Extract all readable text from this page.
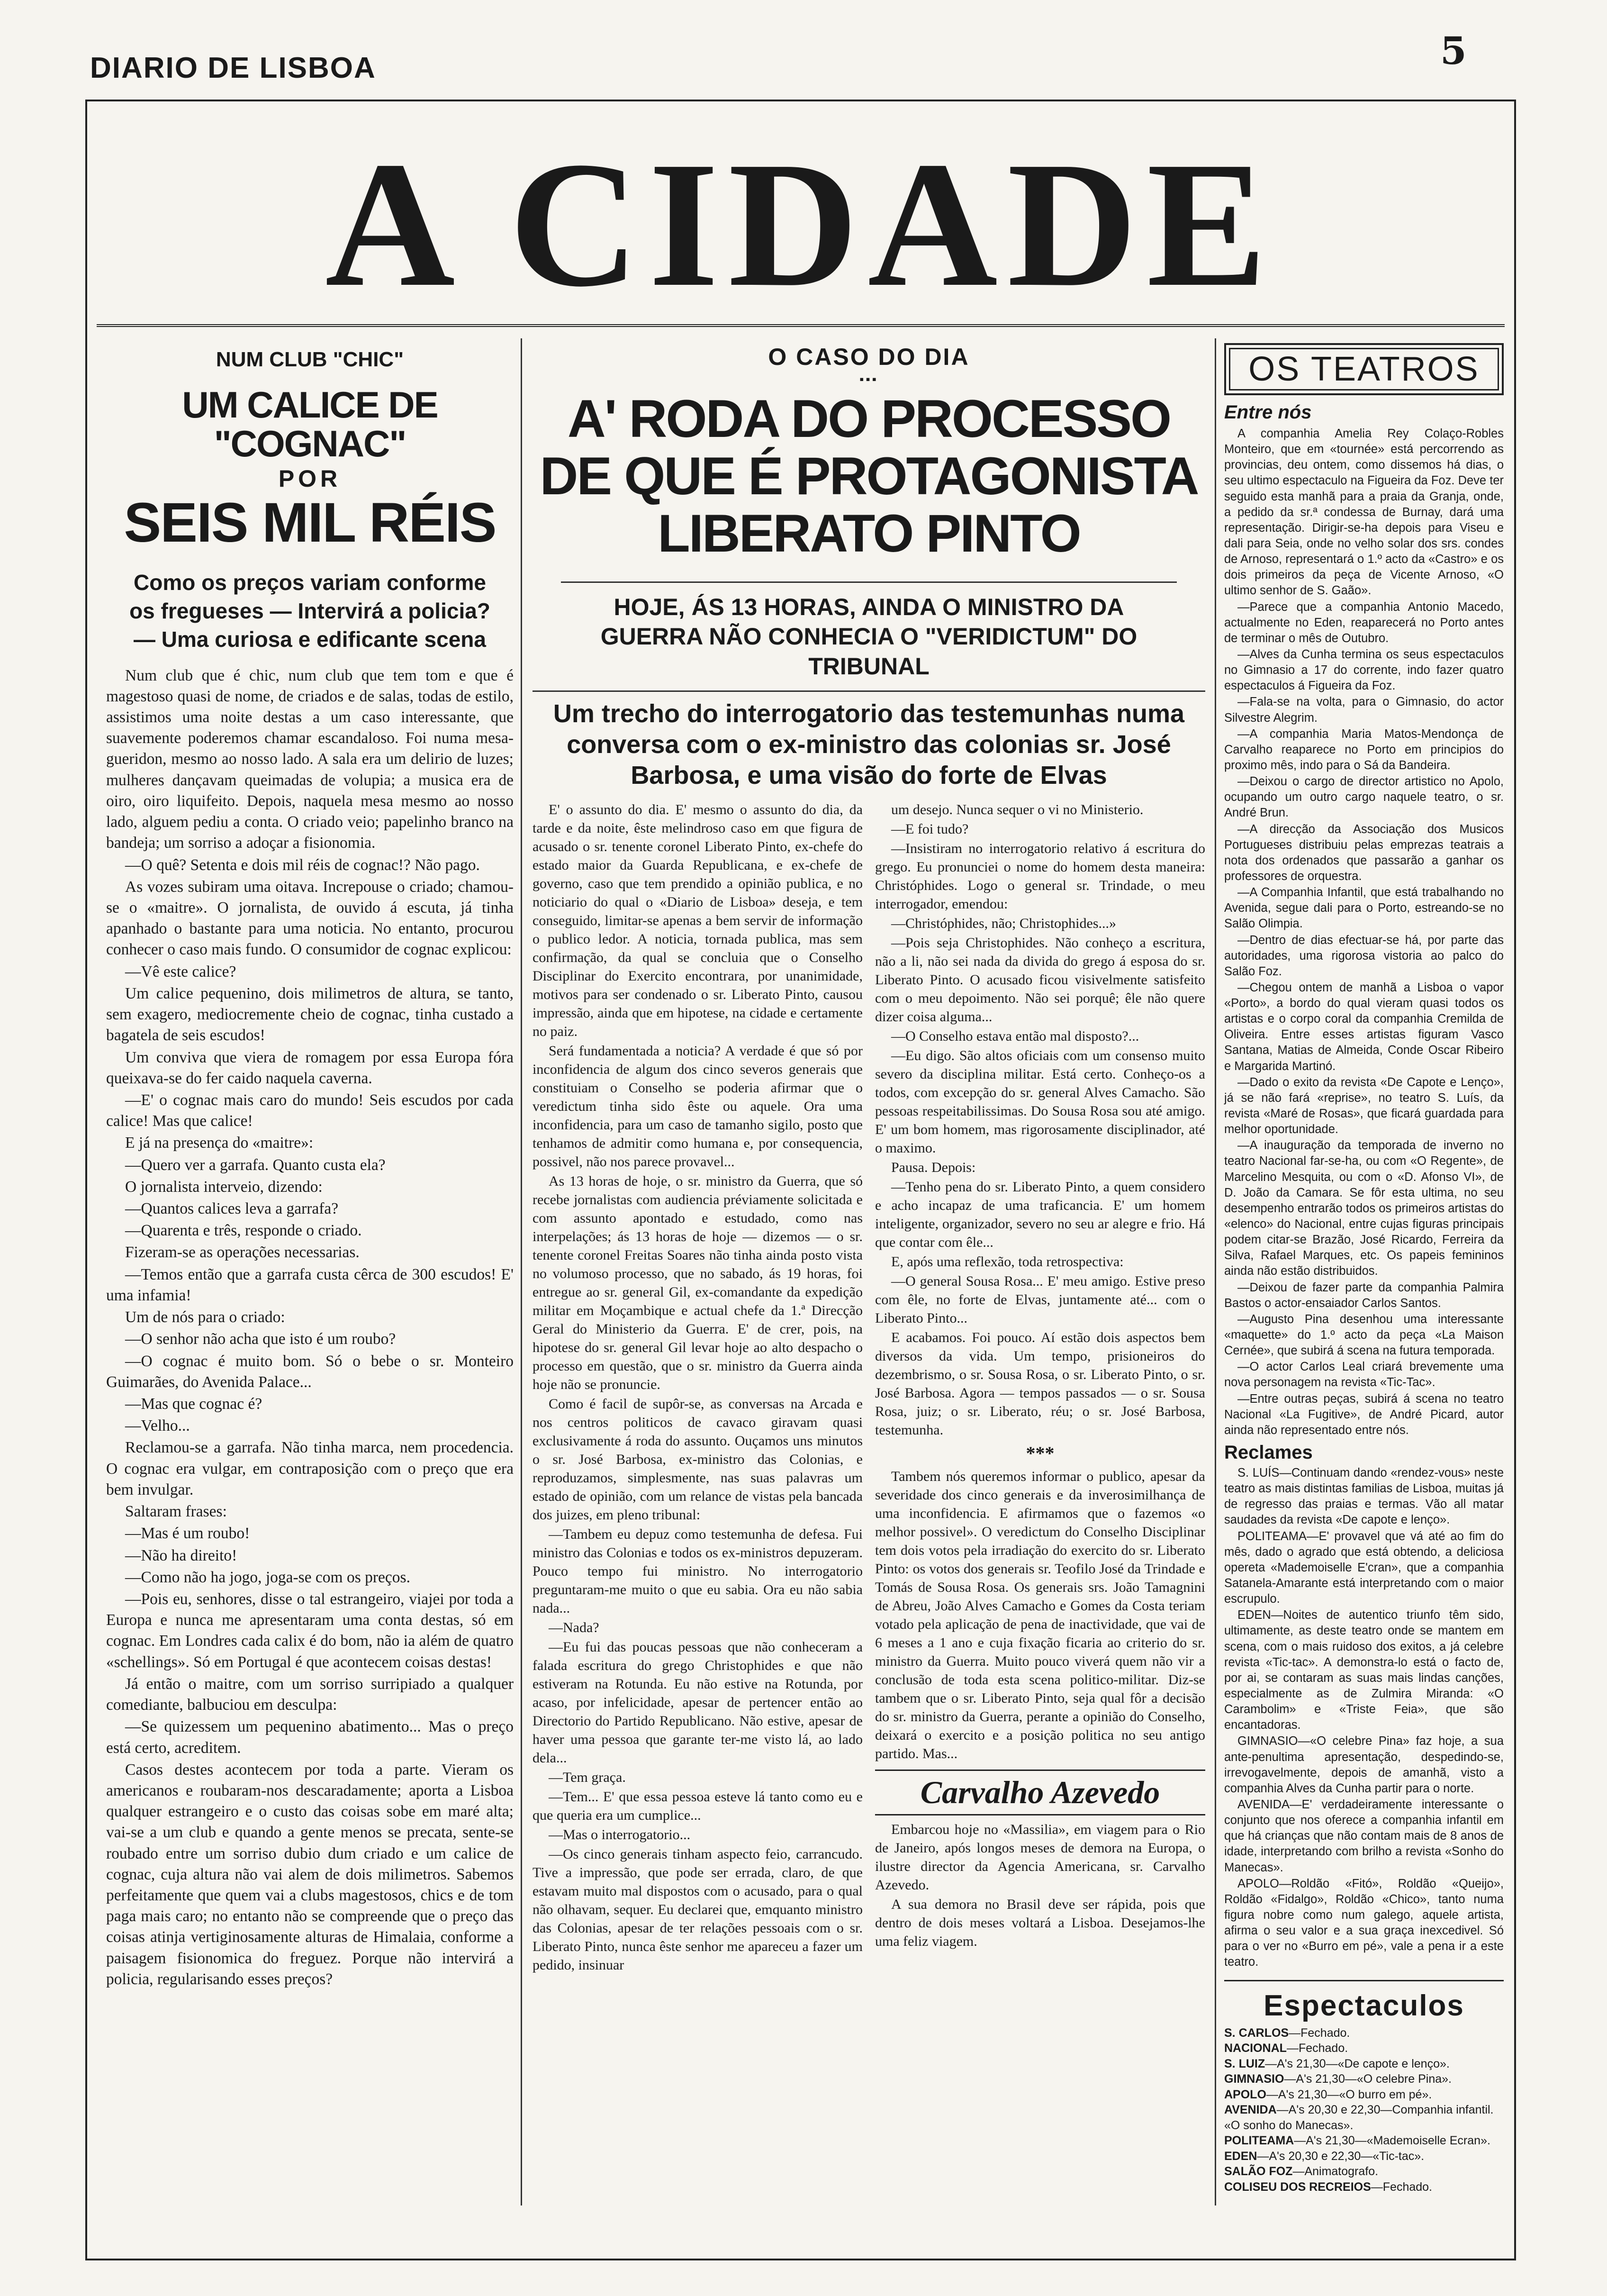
DIARIO DE LISBOA	5
A CIDADE
NUM CLUB "CHIC"
UM CALICE DE "COGNAC"
POR
SEIS MIL RÉIS
Como os preços variam conforme os fregueses — Intervirá a policia? — Uma curiosa e edificante scena

Num club que é chic, num club que tem tom e que é magestoso quasi de nome, de criados e de salas, todas de estilo, assistimos uma noite destas a um caso interessante, que suavemente poderemos chamar escandaloso. Foi numa mesa-gueridon, mesmo ao nosso lado. A sala era um delirio de luzes; mulheres dançavam queimadas de volupia; a musica era de oiro, oiro liquifeito. Depois, naquela mesa mesmo ao nosso lado, alguem pediu a conta. O criado veio; papelinho branco na bandeja; um sorriso a adoçar a fisionomia.

—O quê? Setenta e dois mil réis de cognac!? Não pago.

As vozes subiram uma oitava. Increpouse o criado; chamou-se o «maitre». O jornalista, de ouvido á escuta, já tinha apanhado o bastante para uma noticia. No entanto, procurou conhecer o caso mais fundo. O consumidor de cognac explicou:

—Vê este calice?

Um calice pequenino, dois milimetros de altura, se tanto, sem exagero, mediocremente cheio de cognac, tinha custado a bagatela de seis escudos!

Um conviva que viera de romagem por essa Europa fóra queixava-se do fer caido naquela caverna.

—E' o cognac mais caro do mundo! Seis escudos por cada calice! Mas que calice!

E já na presença do «maitre»:

—Quero ver a garrafa. Quanto custa ela?

O jornalista interveio, dizendo:

—Quantos calices leva a garrafa?

—Quarenta e três, responde o criado.

Fizeram-se as operações necessarias.

—Temos então que a garrafa custa cêrca de 300 escudos! E' uma infamia!

Um de nós para o criado:

—O senhor não acha que isto é um roubo?

—O cognac é muito bom. Só o bebe o sr. Monteiro Guimarães, do Avenida Palace...

—Mas que cognac é?

—Velho...

Reclamou-se a garrafa. Não tinha marca, nem procedencia. O cognac era vulgar, em contraposição com o preço que era bem invulgar.

Saltaram frases:

—Mas é um roubo!

—Não ha direito!

—Como não ha jogo, joga-se com os preços.

—Pois eu, senhores, disse o tal estrangeiro, viajei por toda a Europa e nunca me apresentaram uma conta destas, só em cognac. Em Londres cada calix é do bom, não ia além de quatro «schellings». Só em Portugal é que acontecem coisas destas!

Já então o maitre, com um sorriso surripiado a qualquer comediante, balbuciou em desculpa:

—Se quizessem um pequenino abatimento... Mas o preço está certo, acreditem.

Casos destes acontecem por toda a parte. Vieram os americanos e roubaram-nos descaradamente; aporta a Lisboa qualquer estrangeiro e o custo das coisas sobe em maré alta; vai-se a um club e quando a gente menos se precata, sente-se roubado entre um sorriso dubio dum criado e um calice de cognac, cuja altura não vai alem de dois milimetros. Sabemos perfeitamente que quem vai a clubs magestosos, chics e de tom paga mais caro; no entanto não se compreende que o preço das coisas atinja vertiginosamente alturas de Himalaia, conforme a paisagem fisionomica do freguez. Porque não intervirá a policia, regularisando esses preços?

O CASO DO DIA
▪▪▪
A' RODA DO PROCESSO DE QUE É PROTAGONISTA LIBERATO PINTO
HOJE, ÁS 13 HORAS, AINDA O MINISTRO DA GUERRA NÃO CONHECIA O "VERIDICTUM" DO TRIBUNAL
Um trecho do interrogatorio das testemunhas numa conversa com o ex-ministro das colonias sr. José Barbosa, e uma visão do forte de Elvas

E' o assunto do dia. E' mesmo o assunto do dia, da tarde e da noite, êste melindroso caso em que figura de acusado o sr. tenente coronel Liberato Pinto, ex-chefe do estado maior da Guarda Republicana, e ex-chefe de governo, caso que tem prendido a opinião publica, e no noticiario do qual o «Diario de Lisboa» deseja, e tem conseguido, limitar-se apenas a bem servir de informação o publico ledor. A noticia, tornada publica, mas sem confirmação, da qual se concluia que o Conselho Disciplinar do Exercito encontrara, por unanimidade, motivos para ser condenado o sr. Liberato Pinto, causou impressão, ainda que em hipotese, na cidade e certamente no paiz.

Será fundamentada a noticia? A verdade é que só por inconfidencia de algum dos cinco severos generais que constituiam o Conselho se poderia afirmar que o veredictum tinha sido êste ou aquele. Ora uma inconfidencia, para um caso de tamanho sigilo, posto que tenhamos de admitir como humana e, por consequencia, possivel, não nos parece provavel...

As 13 horas de hoje, o sr. ministro da Guerra, que só recebe jornalistas com audiencia préviamente solicitada e com assunto apontado e estudado, como nas interpelações; ás 13 horas de hoje — dizemos — o sr. tenente coronel Freitas Soares não tinha ainda posto vista no volumoso processo, que no sabado, ás 19 horas, foi entregue ao sr. general Gil, ex-comandante da expedição militar em Moçambique e actual chefe da 1.ª Direcção Geral do Ministerio da Guerra. E' de crer, pois, na hipotese do sr. general Gil levar hoje ao alto despacho o processo em questão, que o sr. ministro da Guerra ainda hoje não se pronuncie.

Como é facil de supôr-se, as conversas na Arcada e nos centros politicos de cavaco giravam quasi exclusivamente á roda do assunto. Ouçamos uns minutos o sr. José Barbosa, ex-ministro das Colonias, e reproduzamos, simplesmente, nas suas palavras um estado de opinião, com um relance de vistas pela bancada dos juizes, em pleno tribunal:

—Tambem eu depuz como testemunha de defesa. Fui ministro das Colonias e todos os ex-ministros depuzeram. Pouco tempo fui ministro. No interrogatorio preguntaram-me muito o que eu sabia. Ora eu não sabia nada...

—Nada?

—Eu fui das poucas pessoas que não conheceram a falada escritura do grego Christophides e que não estiveram na Rotunda. Eu não estive na Rotunda, por acaso, por infelicidade, apesar de pertencer então ao Directorio do Partido Republicano. Não estive, apesar de haver uma pessoa que garante ter-me visto lá, ao lado dela...

—Tem graça.

—Tem... E' que essa pessoa esteve lá tanto como eu e que queria era um cumplice...

—Mas o interrogatorio...

—Os cinco generais tinham aspecto feio, carrancudo. Tive a impressão, que pode ser errada, claro, de que estavam muito mal dispostos com o acusado, para o qual não olhavam, sequer. Eu declarei que, emquanto ministro das Colonias, apesar de ter relações pessoais com o sr. Liberato Pinto, nunca êste senhor me apareceu a fazer um pedido, insinuar

um desejo. Nunca sequer o vi no Ministerio.

—E foi tudo?

—Insistiram no interrogatorio relativo á escritura do grego. Eu pronunciei o nome do homem desta maneira: Christóphides. Logo o general sr. Trindade, o meu interrogador, emendou:

—Christóphides, não; Christophides...»

—Pois seja Christophides. Não conheço a escritura, não a li, não sei nada da divida do grego á esposa do sr. Liberato Pinto. O acusado ficou visivelmente satisfeito com o meu depoimento. Não sei porquê; êle não quere dizer coisa alguma...

—O Conselho estava então mal disposto?...

—Eu digo. São altos oficiais com um consenso muito severo da disciplina militar. Está certo. Conheço-os a todos, com excepção do sr. general Alves Camacho. São pessoas respeitabilissimas. Do Sousa Rosa sou até amigo. E' um bom homem, mas rigorosamente disciplinador, até o maximo.

Pausa. Depois:

—Tenho pena do sr. Liberato Pinto, a quem considero e acho incapaz de uma traficancia. E' um homem inteligente, organizador, severo no seu ar alegre e frio. Há que contar com êle...

E, após uma reflexão, toda retrospectiva:

—O general Sousa Rosa... E' meu amigo. Estive preso com êle, no forte de Elvas, juntamente até... com o Liberato Pinto...

E acabamos. Foi pouco. Aí estão dois aspectos bem diversos da vida. Um tempo, prisioneiros do dezembrismo, o sr. Sousa Rosa, o sr. Liberato Pinto, o sr. José Barbosa. Agora — tempos passados — o sr. Sousa Rosa, juiz; o sr. Liberato, réu; o sr. José Barbosa, testemunha.

***

Tambem nós queremos informar o publico, apesar da severidade dos cinco generais e da inverosimilhança de uma inconfidencia. E afirmamos que o fazemos «o melhor possivel». O veredictum do Conselho Disciplinar tem dois votos pela irradiação do exercito do sr. Liberato Pinto: os votos dos generais sr. Teofilo José da Trindade e Tomás de Sousa Rosa. Os generais srs. João Tamagnini de Abreu, João Alves Camacho e Gomes da Costa teriam votado pela aplicação de pena de inactividade, que vai de 6 meses a 1 ano e cuja fixação ficaria ao criterio do sr. ministro da Guerra. Muito pouco viverá quem não vir a conclusão de toda esta scena politico-militar. Diz-se tambem que o sr. Liberato Pinto, seja qual fôr a decisão do sr. ministro da Guerra, perante a opinião do Conselho, deixará o exercito e a posição politica no seu antigo partido. Mas...

Carvalho Azevedo

Embarcou hoje no «Massilia», em viagem para o Rio de Janeiro, após longos meses de demora na Europa, o ilustre director da Agencia Americana, sr. Carvalho Azevedo.

A sua demora no Brasil deve ser rápida, pois que dentro de dois meses voltará a Lisboa. Desejamos-lhe uma feliz viagem.

OS TEATROS
Entre nós

A companhia Amelia Rey Colaço-Robles Monteiro, que em «tournée» está percorrendo as provincias, deu ontem, como dissemos há dias, o seu ultimo espectaculo na Figueira da Foz. Deve ter seguido esta manhã para a praia da Granja, onde, a pedido da sr.ª condessa de Burnay, dará uma representação. Dirigir-se-ha depois para Viseu e dali para Seia, onde no velho solar dos srs. condes de Arnoso, representará o 1.º acto da «Castro» e os dois primeiros da peça de Vicente Arnoso, «O ultimo senhor de S. Gaão».

—Parece que a companhia Antonio Macedo, actualmente no Eden, reaparecerá no Porto antes de terminar o mês de Outubro.

—Alves da Cunha termina os seus espectaculos no Gimnasio a 17 do corrente, indo fazer quatro espectaculos á Figueira da Foz.

—Fala-se na volta, para o Gimnasio, do actor Silvestre Alegrim.

—A companhia Maria Matos-Mendonça de Carvalho reaparece no Porto em principios do proximo mês, indo para o Sá da Bandeira.

—Deixou o cargo de director artistico no Apolo, ocupando um outro cargo naquele teatro, o sr. André Brun.

—A direcção da Associação dos Musicos Portugueses distribuiu pelas emprezas teatrais a nota dos ordenados que passarão a ganhar os professores de orquestra.

—A Companhia Infantil, que está trabalhando no Avenida, segue dali para o Porto, estreando-se no Salão Olimpia.

—Dentro de dias efectuar-se há, por parte das autoridades, uma rigorosa vistoria ao palco do Salão Foz.

—Chegou ontem de manhã a Lisboa o vapor «Porto», a bordo do qual vieram quasi todos os artistas e o corpo coral da companhia Cremilda de Oliveira. Entre esses artistas figuram Vasco Santana, Matias de Almeida, Conde Oscar Ribeiro e Margarida Martinó.

—Dado o exito da revista «De Capote e Lenço», já se não fará «reprise», no teatro S. Luís, da revista «Maré de Rosas», que ficará guardada para melhor oportunidade.

—A inauguração da temporada de inverno no teatro Nacional far-se-ha, ou com «O Regente», de Marcelino Mesquita, ou com o «D. Afonso VI», de D. João da Camara. Se fôr esta ultima, no seu desempenho entrarão todos os primeiros artistas do «elenco» do Nacional, entre cujas figuras principais podem citar-se Brazão, José Ricardo, Ferreira da Silva, Rafael Marques, etc. Os papeis femininos ainda não estão distribuidos.

—Deixou de fazer parte da companhia Palmira Bastos o actor-ensaiador Carlos Santos.

—Augusto Pina desenhou uma interessante «maquette» do 1.º acto da peça «La Maison Cernée», que subirá á scena na futura temporada.

—O actor Carlos Leal criará brevemente uma nova personagem na revista «Tic-Tac».

—Entre outras peças, subirá á scena no teatro Nacional «La Fugitive», de André Picard, autor ainda não representado entre nós.

Reclames

S. LUÍS—Continuam dando «rendez-vous» neste teatro as mais distintas familias de Lisboa, muitas já de regresso das praias e termas. Vão all matar saudades da revista «De capote e lenço».

POLITEAMA—E' provavel que vá até ao fim do mês, dado o agrado que está obtendo, a deliciosa opereta «Mademoiselle E'cran», que a companhia Satanela-Amarante está interpretando com o maior escrupulo.

EDEN—Noites de autentico triunfo têm sido, ultimamente, as deste teatro onde se mantem em scena, com o mais ruidoso dos exitos, a já celebre revista «Tic-tac». A demonstra-lo está o facto de, por ai, se contaram as suas mais lindas canções, especialmente as de Zulmira Miranda: «O Carambolim» e «Triste Feia», que são encantadoras.

GIMNASIO—«O celebre Pina» faz hoje, a sua ante-penultima apresentação, despedindo-se, irrevogavelmente, depois de amanhã, visto a companhia Alves da Cunha partir para o norte.

AVENIDA—E' verdadeiramente interessante o conjunto que nos oferece a companhia infantil em que há crianças que não contam mais de 8 anos de idade, interpretando com brilho a revista «Sonho do Manecas».

APOLO—Roldão «Fitó», Roldão «Queijo», Roldão «Fidalgo», Roldão «Chico», tanto numa figura nobre como num galego, aquele artista, afirma o seu valor e a sua graça inexcedivel. Só para o ver no «Burro em pé», vale a pena ir a este teatro.

Espectaculos
S. CARLOS—Fechado.
NACIONAL—Fechado.
S. LUIZ—A's 21,30—«De capote e lenço».
GIMNASIO—A's 21,30—«O celebre Pina».
APOLO—A's 21,30—«O burro em pé».
AVENIDA—A's 20,30 e 22,30—Companhia infantil. «O sonho do Manecas».
POLITEAMA—A's 21,30—«Mademoiselle Ecran».
EDEN—A's 20,30 e 22,30—«Tic-tac».
SALÃO FOZ—Animatografo.
COLISEU DOS RECREIOS—Fechado.
